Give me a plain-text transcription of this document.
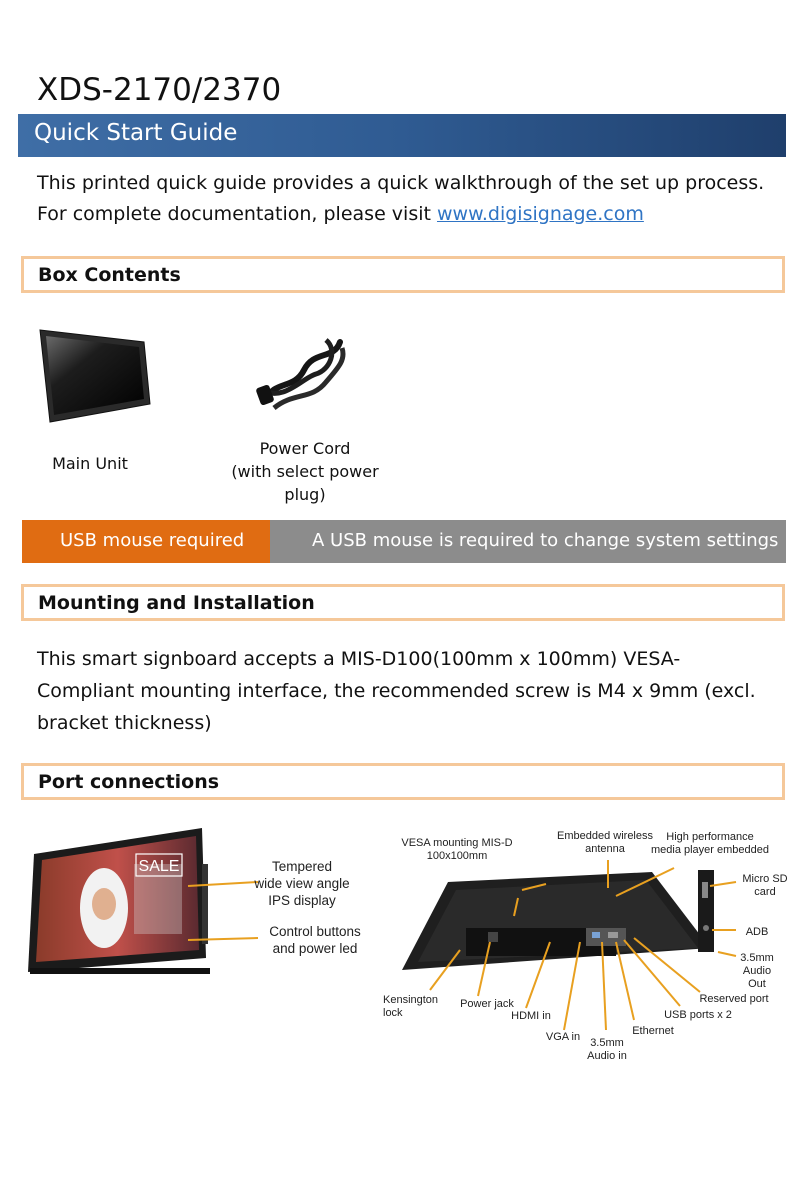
XDS-2170/2370
Quick Start Guide
This printed quick guide provides a quick walkthrough of the set up process.
For complete documentation, please visit www.digisignage.com
Box Contents
Main Unit
Power Cord
(with select power plug)
USB mouse required	A USB mouse is required to change system settings
Mounting and Installation
This smart signboard accepts a MIS-D100(100mm x 100mm) VESA-Compliant mounting interface, the recommended screw is M4 x 9mm (excl. bracket thickness)
Port connections
SALE	Tempered
wide view angle
IPS display
Control buttons
and power led
VESA mounting MIS-D
100x100mm
Embedded wireless
antenna
High performance
media player embedded
Micro SD
card
ADB
3.5mm
Audio
Out
Reserved port
USB ports x 2
Ethernet
3.5mm
Audio in
VGA in
HDMI in
Power jack
Kensington
lock
